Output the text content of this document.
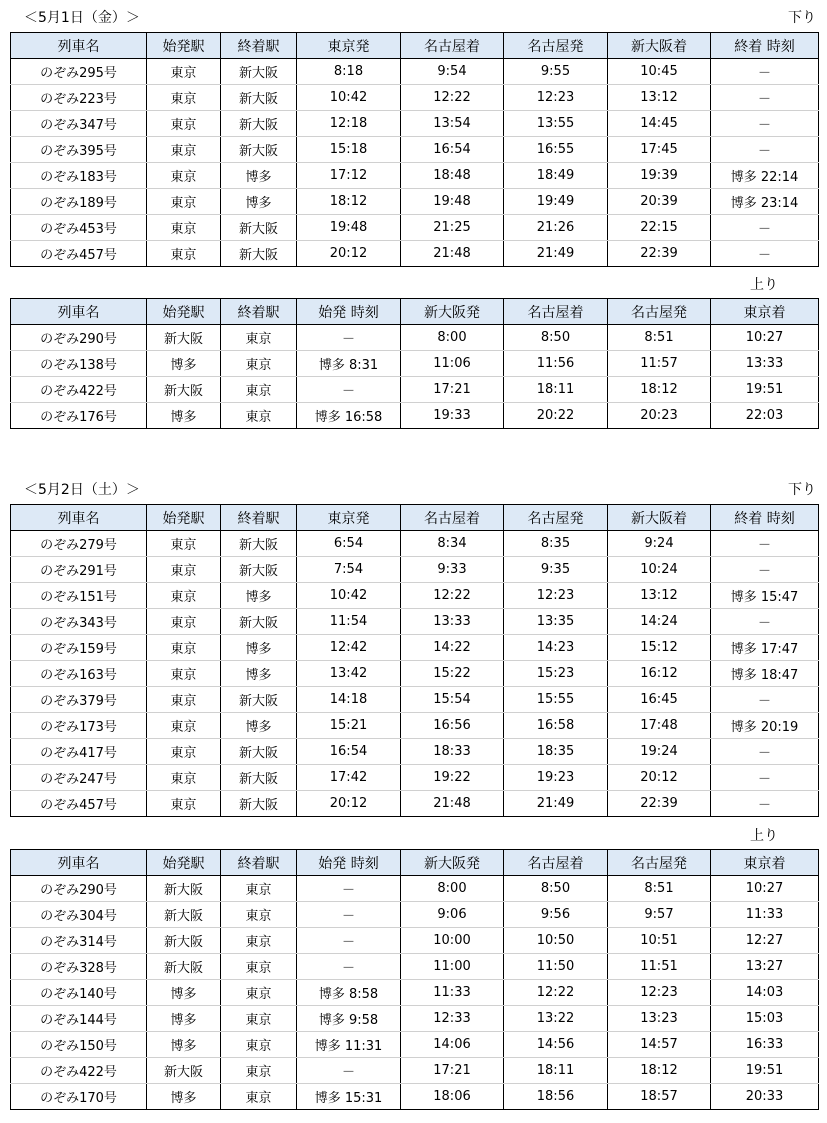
＜5月1日（金）＞	下り
列車名	始発駅	終着駅	東京発	名古屋着	名古屋発	新大阪着	終着 時刻
のぞみ295号	東京	新大阪	8:18	9:54	9:55	10:45	－
のぞみ223号	東京	新大阪	10:42	12:22	12:23	13:12	－
のぞみ347号	東京	新大阪	12:18	13:54	13:55	14:45	－
のぞみ395号	東京	新大阪	15:18	16:54	16:55	17:45	－
のぞみ183号	東京	博多	17:12	18:48	18:49	19:39	博多 22:14
のぞみ189号	東京	博多	18:12	19:48	19:49	20:39	博多 23:14
のぞみ453号	東京	新大阪	19:48	21:25	21:26	22:15	－
のぞみ457号	東京	新大阪	20:12	21:48	21:49	22:39	－
上り
列車名	始発駅	終着駅	始発 時刻	新大阪発	名古屋着	名古屋発	東京着
のぞみ290号	新大阪	東京	－	8:00	8:50	8:51	10:27
のぞみ138号	博多	東京	博多 8:31	11:06	11:56	11:57	13:33
のぞみ422号	新大阪	東京	－	17:21	18:11	18:12	19:51
のぞみ176号	博多	東京	博多 16:58	19:33	20:22	20:23	22:03
＜5月2日（土）＞	下り
列車名	始発駅	終着駅	東京発	名古屋着	名古屋発	新大阪着	終着 時刻
のぞみ279号	東京	新大阪	6:54	8:34	8:35	9:24	－
のぞみ291号	東京	新大阪	7:54	9:33	9:35	10:24	－
のぞみ151号	東京	博多	10:42	12:22	12:23	13:12	博多 15:47
のぞみ343号	東京	新大阪	11:54	13:33	13:35	14:24	－
のぞみ159号	東京	博多	12:42	14:22	14:23	15:12	博多 17:47
のぞみ163号	東京	博多	13:42	15:22	15:23	16:12	博多 18:47
のぞみ379号	東京	新大阪	14:18	15:54	15:55	16:45	－
のぞみ173号	東京	博多	15:21	16:56	16:58	17:48	博多 20:19
のぞみ417号	東京	新大阪	16:54	18:33	18:35	19:24	－
のぞみ247号	東京	新大阪	17:42	19:22	19:23	20:12	－
のぞみ457号	東京	新大阪	20:12	21:48	21:49	22:39	－
上り
列車名	始発駅	終着駅	始発 時刻	新大阪発	名古屋着	名古屋発	東京着
のぞみ290号	新大阪	東京	－	8:00	8:50	8:51	10:27
のぞみ304号	新大阪	東京	－	9:06	9:56	9:57	11:33
のぞみ314号	新大阪	東京	－	10:00	10:50	10:51	12:27
のぞみ328号	新大阪	東京	－	11:00	11:50	11:51	13:27
のぞみ140号	博多	東京	博多 8:58	11:33	12:22	12:23	14:03
のぞみ144号	博多	東京	博多 9:58	12:33	13:22	13:23	15:03
のぞみ150号	博多	東京	博多 11:31	14:06	14:56	14:57	16:33
のぞみ422号	新大阪	東京	－	17:21	18:11	18:12	19:51
のぞみ170号	博多	東京	博多 15:31	18:06	18:56	18:57	20:33
